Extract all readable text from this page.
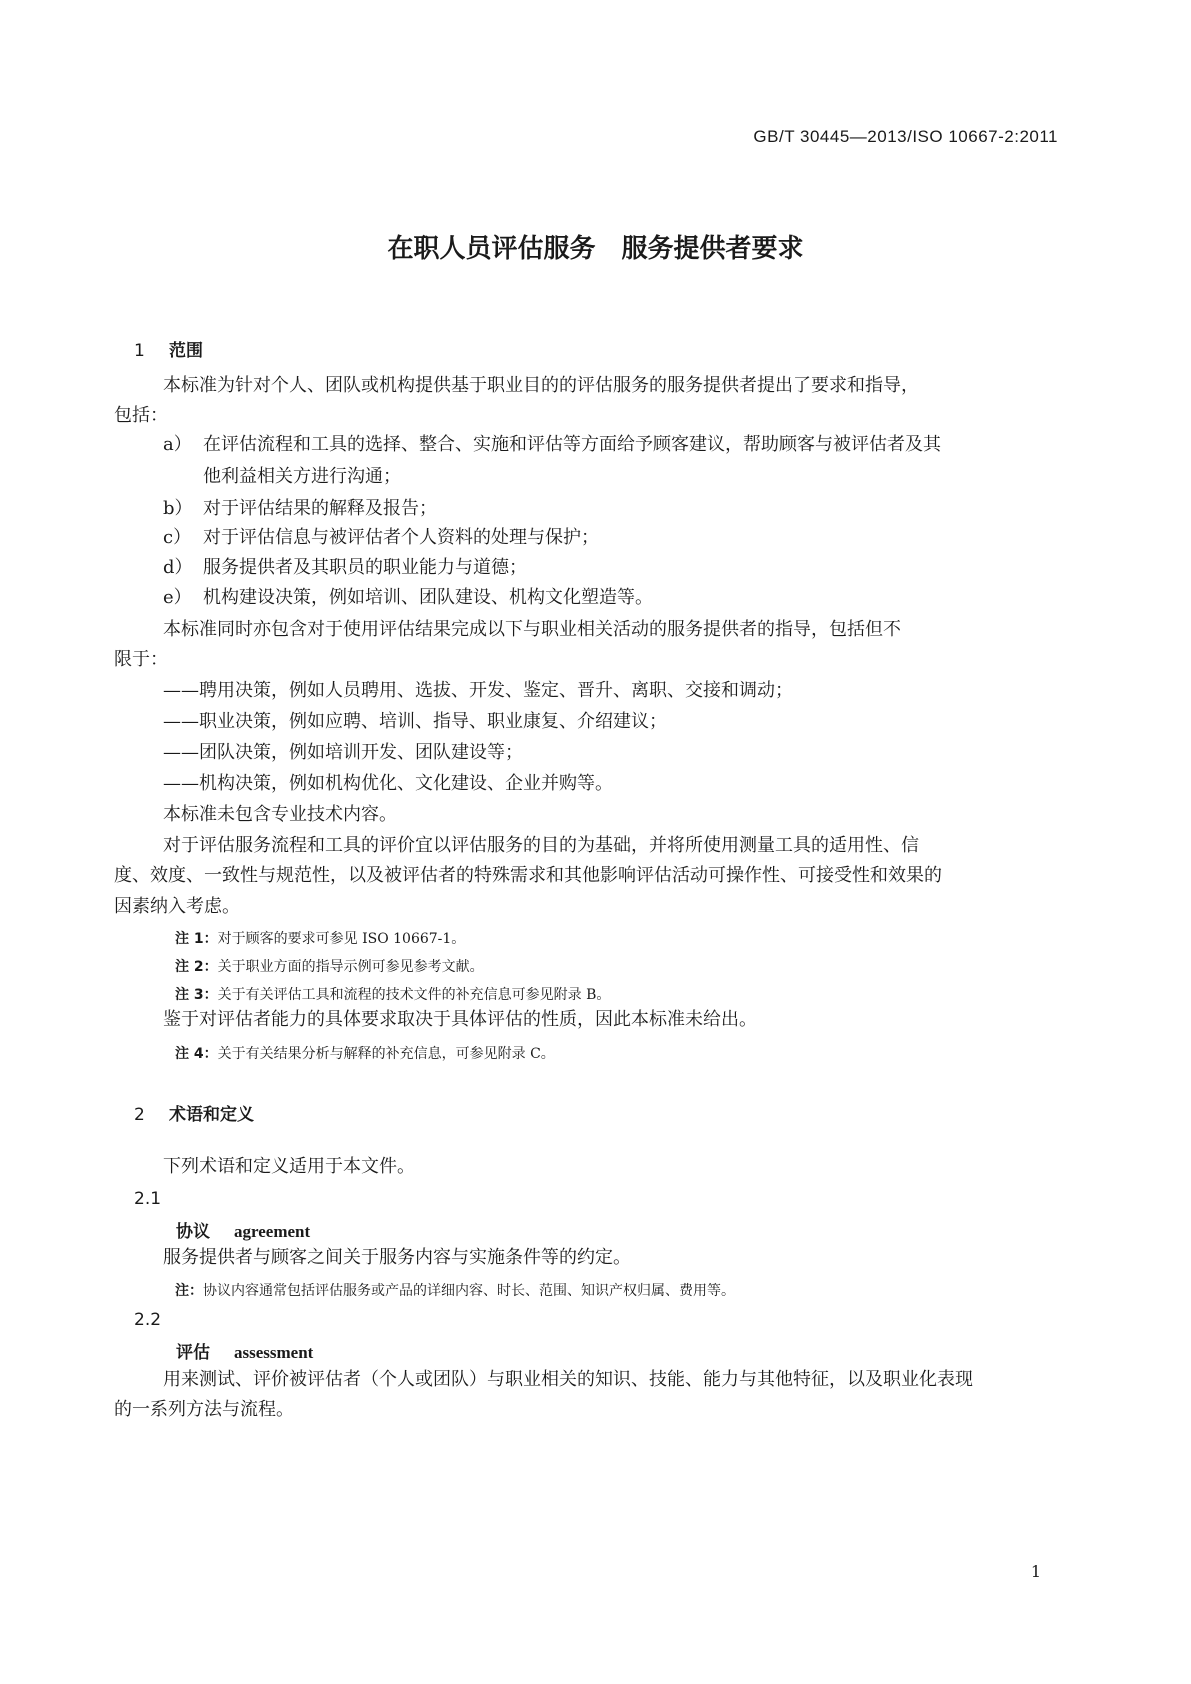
GB/T 30445—2013/ISO 10667-2:2011
在职人员评估服务　服务提供者要求
1 范围
本标准为针对个人、团队或机构提供基于职业目的的评估服务的服务提供者提出了要求和指导，
包括：
a） 在评估流程和工具的选择、整合、实施和评估等方面给予顾客建议，帮助顾客与被评估者及其
他利益相关方进行沟通；
b） 对于评估结果的解释及报告；
c） 对于评估信息与被评估者个人资料的处理与保护；
d） 服务提供者及其职员的职业能力与道德；
e） 机构建设决策，例如培训、团队建设、机构文化塑造等。
本标准同时亦包含对于使用评估结果完成以下与职业相关活动的服务提供者的指导，包括但不
限于：
——聘用决策，例如人员聘用、选拔、开发、鉴定、晋升、离职、交接和调动；
——职业决策，例如应聘、培训、指导、职业康复、介绍建议；
——团队决策，例如培训开发、团队建设等；
——机构决策，例如机构优化、文化建设、企业并购等。
本标准未包含专业技术内容。
对于评估服务流程和工具的评价宜以评估服务的目的为基础，并将所使用测量工具的适用性、信
度、效度、一致性与规范性，以及被评估者的特殊需求和其他影响评估活动可操作性、可接受性和效果的
因素纳入考虑。
注 1：对于顾客的要求可参见 ISO 10667-1。
注 2：关于职业方面的指导示例可参见参考文献。
注 3：关于有关评估工具和流程的技术文件的补充信息可参见附录 B。
鉴于对评估者能力的具体要求取决于具体评估的性质，因此本标准未给出。
注 4：关于有关结果分析与解释的补充信息，可参见附录 C。
2 术语和定义
下列术语和定义适用于本文件。
2.1
协议 agreement
服务提供者与顾客之间关于服务内容与实施条件等的约定。
注：协议内容通常包括评估服务或产品的详细内容、时长、范围、知识产权归属、费用等。
2.2
评估 assessment
用来测试、评价被评估者（个人或团队）与职业相关的知识、技能、能力与其他特征，以及职业化表现
的一系列方法与流程。
1
